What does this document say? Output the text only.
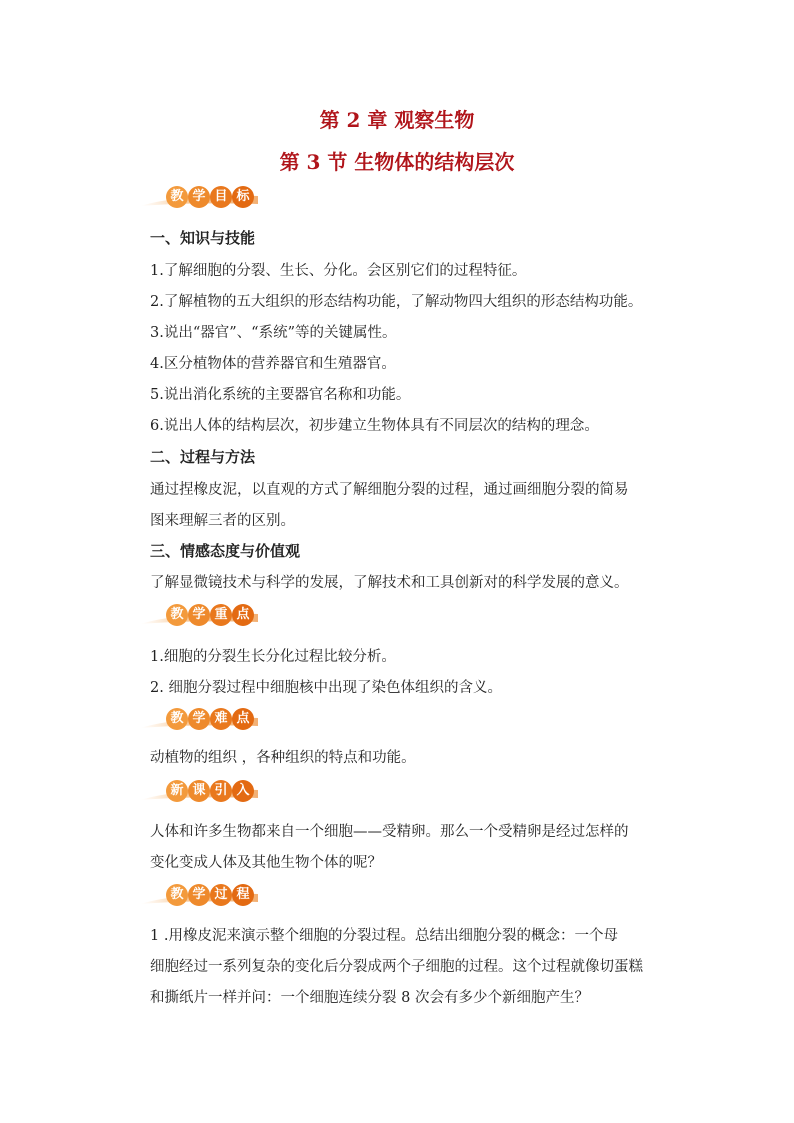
第 2 章 观察生物
第 3 节 生物体的结构层次
教 学 目 标
一、知识与技能
1.了解细胞的分裂、生长、分化。会区别它们的过程特征。
2.了解植物的五大组织的形态结构功能，了解动物四大组织的形态结构功能。
3.说出“器官”、“系统”等的关键属性。
4.区分植物体的营养器官和生殖器官。
5.说出消化系统的主要器官名称和功能。
6.说出人体的结构层次，初步建立生物体具有不同层次的结构的理念。
二、过程与方法
通过捏橡皮泥，以直观的方式了解细胞分裂的过程，通过画细胞分裂的简易
图来理解三者的区别。
三、情感态度与价值观
了解显微镜技术与科学的发展，了解技术和工具创新对的科学发展的意义。
教 学 重 点
1.细胞的分裂生长分化过程比较分析。
2. 细胞分裂过程中细胞核中出现了染色体组织的含义。
教 学 难 点
动植物的组织 ，各种组织的特点和功能。
新 课 引 入
人体和许多生物都来自一个细胞——受精卵。那么一个受精卵是经过怎样的
变化变成人体及其他生物个体的呢？
教 学 过 程
1 .用橡皮泥来演示整个细胞的分裂过程。总结出细胞分裂的概念：一个母
细胞经过一系列复杂的变化后分裂成两个子细胞的过程。这个过程就像切蛋糕
和撕纸片一样并问：一个细胞连续分裂 8 次会有多少个新细胞产生？
